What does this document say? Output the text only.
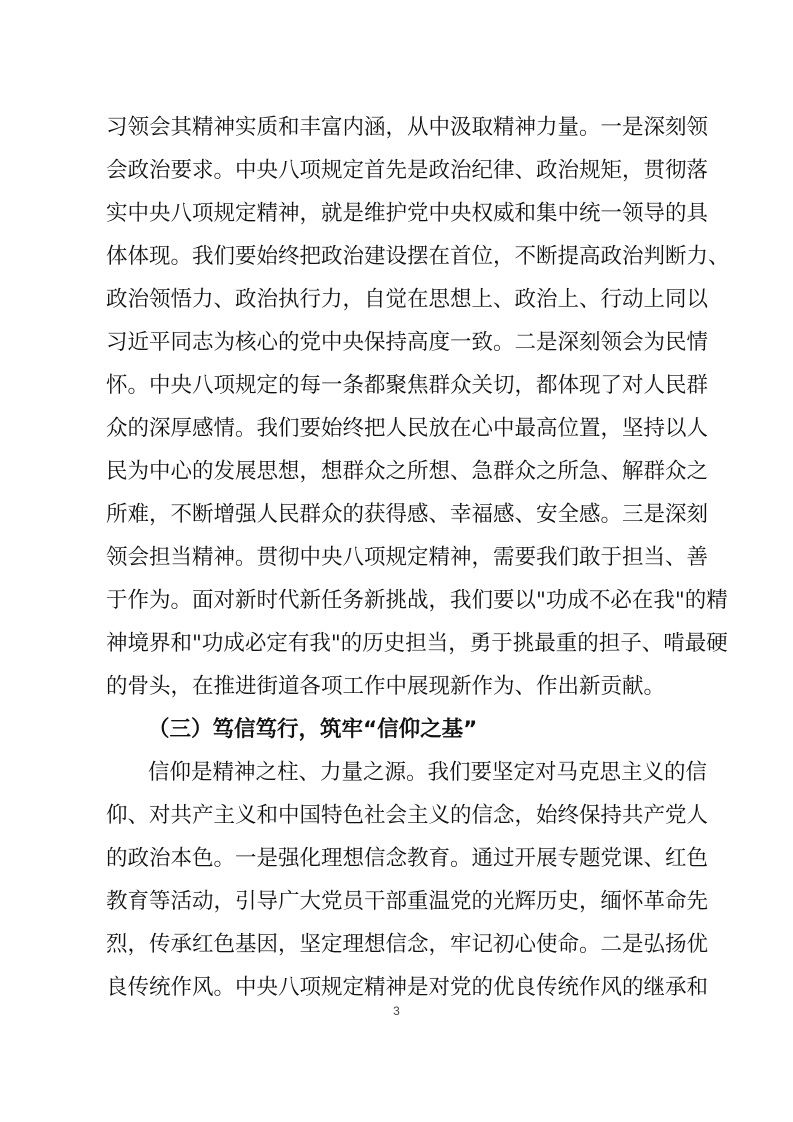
习领会其精神实质和丰富内涵，从中汲取精神力量。一是深刻领
会政治要求。中央八项规定首先是政治纪律、政治规矩，贯彻落
实中央八项规定精神，就是维护党中央权威和集中统一领导的具
体体现。我们要始终把政治建设摆在首位，不断提高政治判断力、
政治领悟力、政治执行力，自觉在思想上、政治上、行动上同以
习近平同志为核心的党中央保持高度一致。二是深刻领会为民情
怀。中央八项规定的每一条都聚焦群众关切，都体现了对人民群
众的深厚感情。我们要始终把人民放在心中最高位置，坚持以人
民为中心的发展思想，想群众之所想、急群众之所急、解群众之
所难，不断增强人民群众的获得感、幸福感、安全感。三是深刻
领会担当精神。贯彻中央八项规定精神，需要我们敢于担当、善
于作为。面对新时代新任务新挑战，我们要以"功成不必在我"的精
神境界和"功成必定有我"的历史担当，勇于挑最重的担子、啃最硬
的骨头，在推进街道各项工作中展现新作为、作出新贡献。
（三）笃信笃行，筑牢“信仰之基”
信仰是精神之柱、力量之源。我们要坚定对马克思主义的信
仰、对共产主义和中国特色社会主义的信念，始终保持共产党人
的政治本色。一是强化理想信念教育。通过开展专题党课、红色
教育等活动，引导广大党员干部重温党的光辉历史，缅怀革命先
烈，传承红色基因，坚定理想信念，牢记初心使命。二是弘扬优
良传统作风。中央八项规定精神是对党的优良传统作风的继承和
3
